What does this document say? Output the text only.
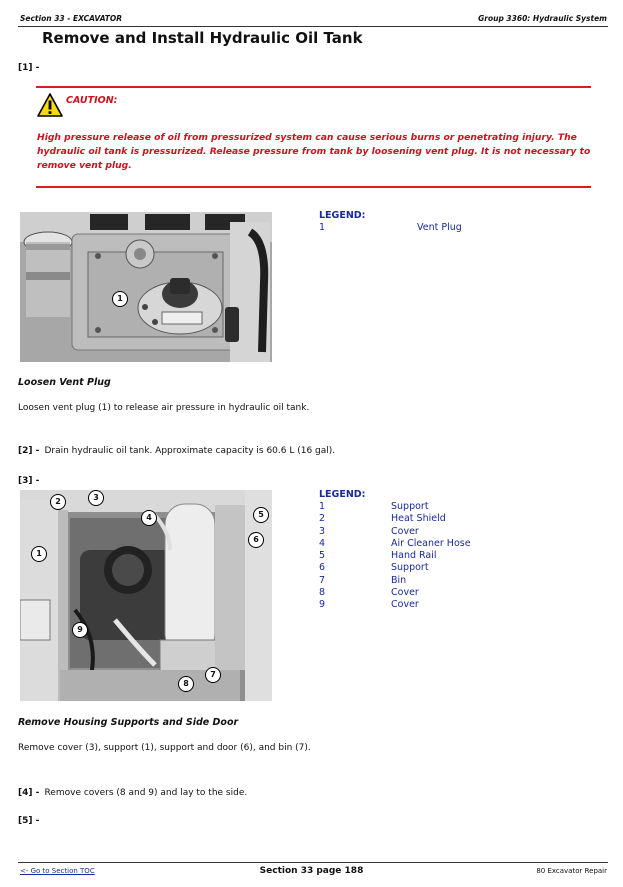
Section 33 - EXCAVATOR	Group 3360: Hydraulic System
Remove and Install Hydraulic Oil Tank
[1] -
CAUTION:
High pressure release of oil from pressurized system can cause serious burns or penetrating injury. The hydraulic oil tank is pressurized. Release pressure from tank by loosening vent plug. It is not necessary to remove vent plug.
1
LEGEND:
1	Vent Plug
Loosen Vent Plug
Loosen vent plug (1) to release air pressure in hydraulic oil tank.
[2] - Drain hydraulic oil tank. Approximate capacity is 60.6 L (16 gal).
[3] -
1
2	3
4	5
6
7
8
9
LEGEND:
1	Support
2	Heat Shield
3	Cover
4	Air Cleaner Hose
5	Hand Rail
6	Support
7	Bin
8	Cover
9	Cover
Remove Housing Supports and Side Door
Remove cover (3), support (1), support and door (6), and bin (7).
[4] - Remove covers (8 and 9) and lay to the side.
[5] -
<- Go to Section TOC	Section 33 page 188	80 Excavator Repair
